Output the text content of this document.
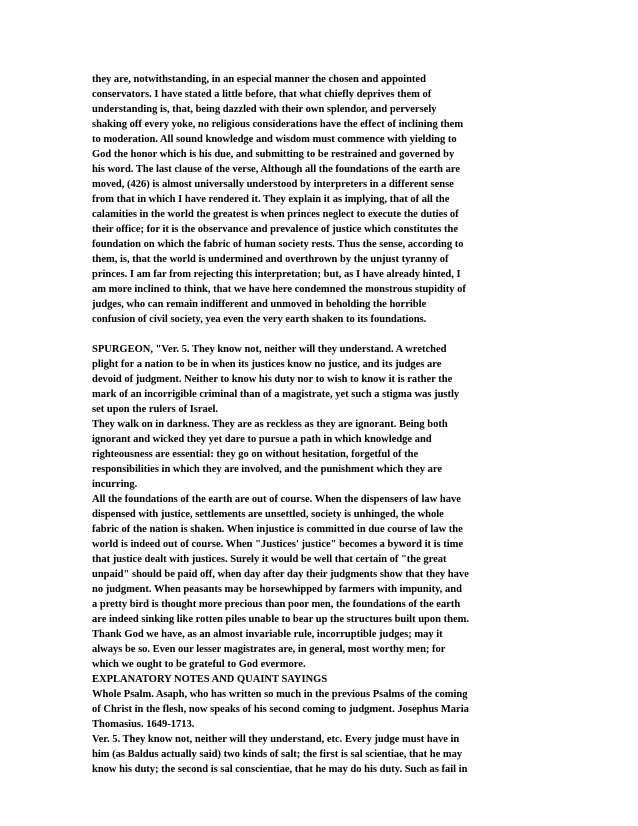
they are, notwithstanding, in an especial manner the chosen and appointed
conservators. I have stated a little before, that what chiefly deprives them of
understanding is, that, being dazzled with their own splendor, and perversely
shaking off every yoke, no religious considerations have the effect of inclining them
to moderation. All sound knowledge and wisdom must commence with yielding to
God the honor which is his due, and submitting to be restrained and governed by
his word. The last clause of the verse, Although all the foundations of the earth are
moved, (426) is almost universally understood by interpreters in a different sense
from that in which I have rendered it. They explain it as implying, that of all the
calamities in the world the greatest is when princes neglect to execute the duties of
their office; for it is the observance and prevalence of justice which constitutes the
foundation on which the fabric of human society rests. Thus the sense, according to
them, is, that the world is undermined and overthrown by the unjust tyranny of
princes. I am far from rejecting this interpretation; but, as I have already hinted, I
am more inclined to think, that we have here condemned the monstrous stupidity of
judges, who can remain indifferent and unmoved in beholding the horrible
confusion of civil society, yea even the very earth shaken to its foundations.
SPURGEON, "Ver. 5. They know not, neither will they understand. A wretched
plight for a nation to be in when its justices know no justice, and its judges are
devoid of judgment. Neither to know his duty nor to wish to know it is rather the
mark of an incorrigible criminal than of a magistrate, yet such a stigma was justly
set upon the rulers of Israel.
They walk on in darkness. They are as reckless as they are ignorant. Being both
ignorant and wicked they yet dare to pursue a path in which knowledge and
righteousness are essential: they go on without hesitation, forgetful of the
responsibilities in which they are involved, and the punishment which they are
incurring.
All the foundations of the earth are out of course. When the dispensers of law have
dispensed with justice, settlements are unsettled, society is unhinged, the whole
fabric of the nation is shaken. When injustice is committed in due course of law the
world is indeed out of course. When "Justices' justice" becomes a byword it is time
that justice dealt with justices. Surely it would be well that certain of "the great
unpaid" should be paid off, when day after day their judgments show that they have
no judgment. When peasants may be horsewhipped by farmers with impunity, and
a pretty bird is thought more precious than poor men, the foundations of the earth
are indeed sinking like rotten piles unable to bear up the structures built upon them.
Thank God we have, as an almost invariable rule, incorruptible judges; may it
always be so. Even our lesser magistrates are, in general, most worthy men; for
which we ought to be grateful to God evermore.
EXPLANATORY NOTES AND QUAINT SAYINGS
Whole Psalm. Asaph, who has written so much in the previous Psalms of the coming
of Christ in the flesh, now speaks of his second coming to judgment. Josephus Maria
Thomasius. 1649-1713.
Ver. 5. They know not, neither will they understand, etc. Every judge must have in
him (as Baldus actually said) two kinds of salt; the first is sal scientiae, that he may
know his duty; the second is sal conscientiae, that he may do his duty. Such as fail in
